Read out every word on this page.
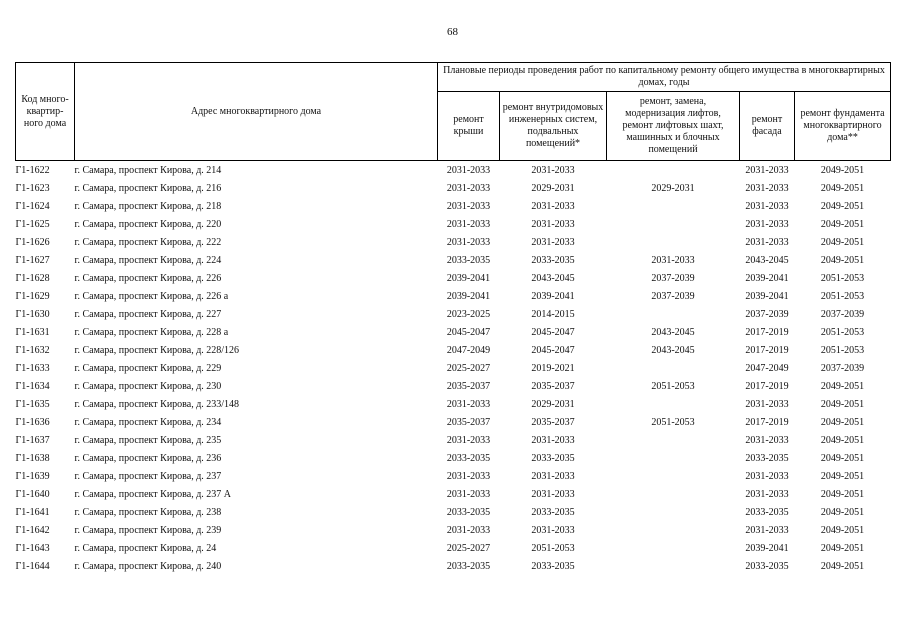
68
Код много-квартир-ного дома	Адрес многоквартирного дома	Плановые периоды проведения работ по капитальному ремонту общего имущества в многоквартирных домах, годы				
		ремонт крыши	ремонт внутридомовых инженерных систем, подвальных помещений*	ремонт, замена, модернизация лифтов, ремонт лифтовых шахт, машинных и блочных помещений	ремонт фасада	ремонт фундамента многоквартирного дома**
Г1-1622	г. Самара, проспект Кирова, д. 214	2031-2033	2031-2033		2031-2033	2049-2051
Г1-1623	г. Самара, проспект Кирова, д. 216	2031-2033	2029-2031	2029-2031	2031-2033	2049-2051
Г1-1624	г. Самара, проспект Кирова, д. 218	2031-2033	2031-2033		2031-2033	2049-2051
Г1-1625	г. Самара, проспект Кирова, д. 220	2031-2033	2031-2033		2031-2033	2049-2051
Г1-1626	г. Самара, проспект Кирова, д. 222	2031-2033	2031-2033		2031-2033	2049-2051
Г1-1627	г. Самара, проспект Кирова, д. 224	2033-2035	2033-2035	2031-2033	2043-2045	2049-2051
Г1-1628	г. Самара, проспект Кирова, д. 226	2039-2041	2043-2045	2037-2039	2039-2041	2051-2053
Г1-1629	г. Самара, проспект Кирова, д. 226 а	2039-2041	2039-2041	2037-2039	2039-2041	2051-2053
Г1-1630	г. Самара, проспект Кирова, д. 227	2023-2025	2014-2015		2037-2039	2037-2039
Г1-1631	г. Самара, проспект Кирова, д. 228 а	2045-2047	2045-2047	2043-2045	2017-2019	2051-2053
Г1-1632	г. Самара, проспект Кирова, д. 228/126	2047-2049	2045-2047	2043-2045	2017-2019	2051-2053
Г1-1633	г. Самара, проспект Кирова, д. 229	2025-2027	2019-2021		2047-2049	2037-2039
Г1-1634	г. Самара, проспект Кирова, д. 230	2035-2037	2035-2037	2051-2053	2017-2019	2049-2051
Г1-1635	г. Самара, проспект Кирова, д. 233/148	2031-2033	2029-2031		2031-2033	2049-2051
Г1-1636	г. Самара, проспект Кирова, д. 234	2035-2037	2035-2037	2051-2053	2017-2019	2049-2051
Г1-1637	г. Самара, проспект Кирова, д. 235	2031-2033	2031-2033		2031-2033	2049-2051
Г1-1638	г. Самара, проспект Кирова, д. 236	2033-2035	2033-2035		2033-2035	2049-2051
Г1-1639	г. Самара, проспект Кирова, д. 237	2031-2033	2031-2033		2031-2033	2049-2051
Г1-1640	г. Самара, проспект Кирова, д. 237 А	2031-2033	2031-2033		2031-2033	2049-2051
Г1-1641	г. Самара, проспект Кирова, д. 238	2033-2035	2033-2035		2033-2035	2049-2051
Г1-1642	г. Самара, проспект Кирова, д. 239	2031-2033	2031-2033		2031-2033	2049-2051
Г1-1643	г. Самара, проспект Кирова, д. 24	2025-2027	2051-2053		2039-2041	2049-2051
Г1-1644	г. Самара, проспект Кирова, д. 240	2033-2035	2033-2035		2033-2035	2049-2051
